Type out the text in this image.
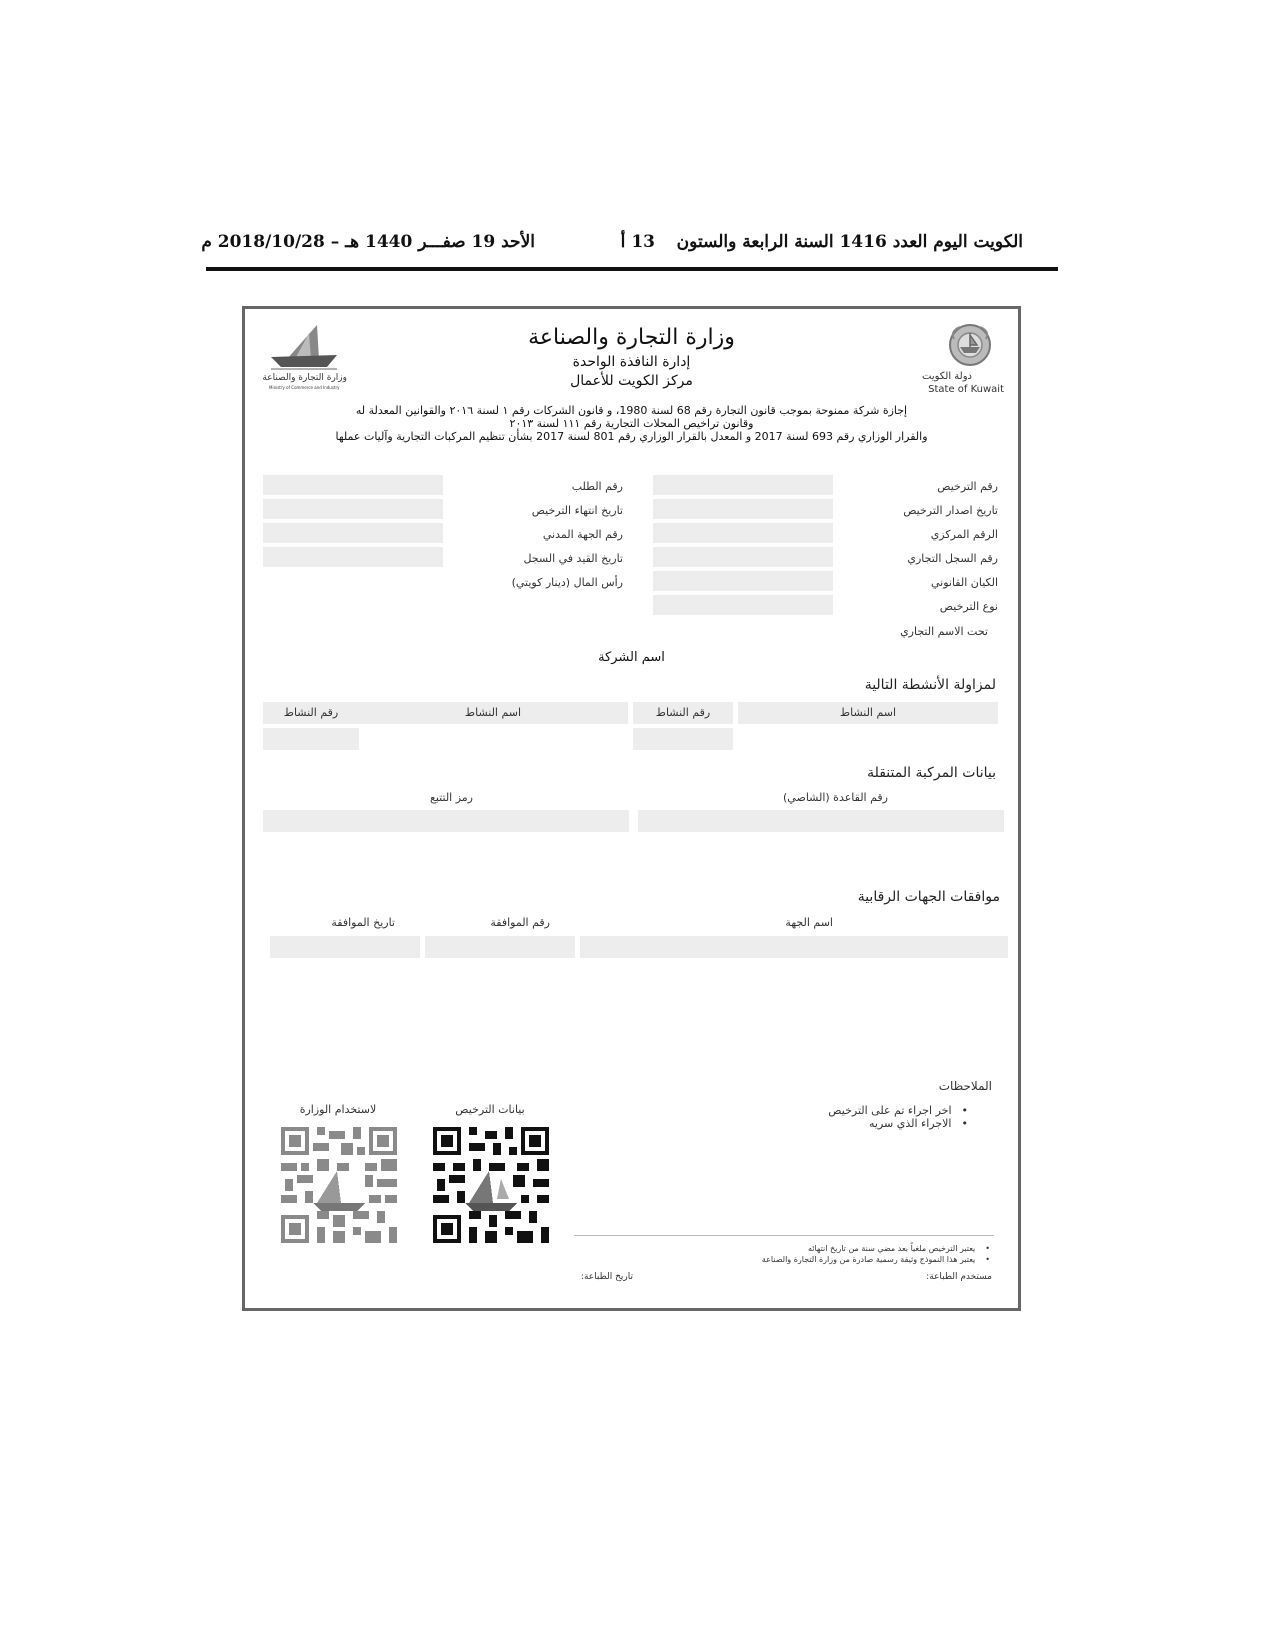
الكويت اليوم العدد 1416 السنة الرابعة والستون
13 أ
الأحد 19 صفـــر 1440 هـ – 2018/10/28 م
دولة الكويت
State of Kuwait
وزارة التجارة والصناعة
Ministry of Commerce and Industry
وزارة التجارة والصناعة
إدارة النافذة الواحدة
مركز الكويت للأعمال
إجازة شركة ممنوحة بموجب قانون التجارة رقم 68 لسنة 1980، و قانون الشركات رقم ١ لسنة ٢٠١٦ والقوانين المعدلة له
وقانون تراخيص المحلات التجارية رقم ١١١ لسنة ٢٠١٣
والقرار الوزاري رقم 693 لسنة 2017 و المعدل بالقرار الوزاري رقم 801 لسنة 2017 بشأن تنظيم المركبات التجارية وآليات عملها
رقم الترخيص
تاريخ اصدار الترخيص
الرقم المركزي
رقم السجل التجاري
الكيان القانوني
نوع الترخيص
تحت الاسم التجاري
رقم الطلب
تاريخ انتهاء الترخيص
رقم الجهة المدني
تاريخ القيد في السجل
رأس المال (دينار كويتي)
اسم الشركة
لمزاولة الأنشطة التالية
اسم النشاط
رقم النشاط
اسم النشاط
رقم النشاط
بيانات المركبة المتنقلة
رقم القاعدة (الشاصي)
رمز التتبع
موافقات الجهات الرقابية
اسم الجهة
رقم الموافقة
تاريخ الموافقة
الملاحظات
• اخر اجراء تم على الترخيص
• الاجراء الذي سريه
بيانات الترخيص
لاستخدام الوزارة
• يعتبر الترخيص ملغياً بعد مضي سنة من تاريخ انتهائه
• يعتبر هذا النموذج وثيقة رسمية صادرة من وزارة التجارة والصناعة
مستخدم الطباعة:
تاريخ الطباعة:
